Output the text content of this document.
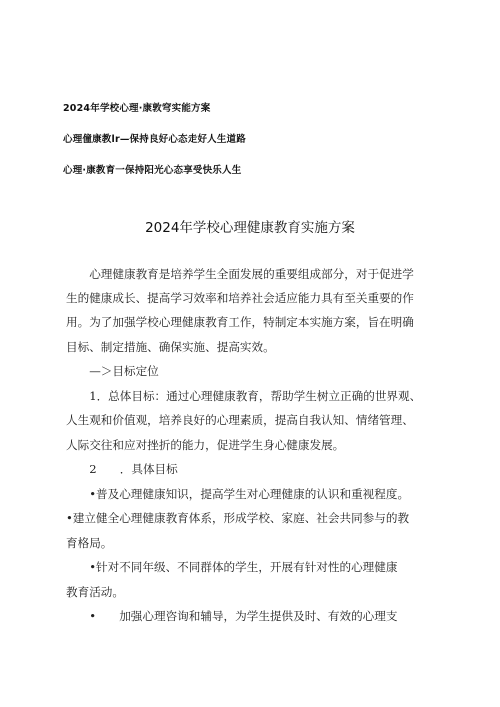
2024年学校心理·康敦穹实能方案
心理僮康教lr—保持良好心态走好人生道路
心理·康教育一保持阳光心态享受快乐人生
2024年学校心理健康教育实施方案
　　心理健康教育是培养学生全面发展的重要组成部分，对于促进学
生的健康成长、提高学习效率和培养社会适应能力具有至关重要的作
用。为了加强学校心理健康教育工作，特制定本实施方案，旨在明确
目标、制定措施、确保实施、提高实效。
　　—＞目标定位
　　1．总体目标：通过心理健康教育，帮助学生树立正确的世界观、
人生观和价值观，培养良好的心理素质，提高自我认知、情绪管理、
人际交往和应对挫折的能力，促进学生身心健康发展。
　　2　　．具体目标
　　•普及心理健康知识，提高学生对心理健康的认识和重视程度。
•建立健全心理健康教育体系，形成学校、家庭、社会共同参与的教
育格局。
　　•针对不同年级、不同群体的学生，开展有针对性的心理健康
教育活动。
　　•　　加强心理咨询和辅导，为学生提供及时、有效的心理支
